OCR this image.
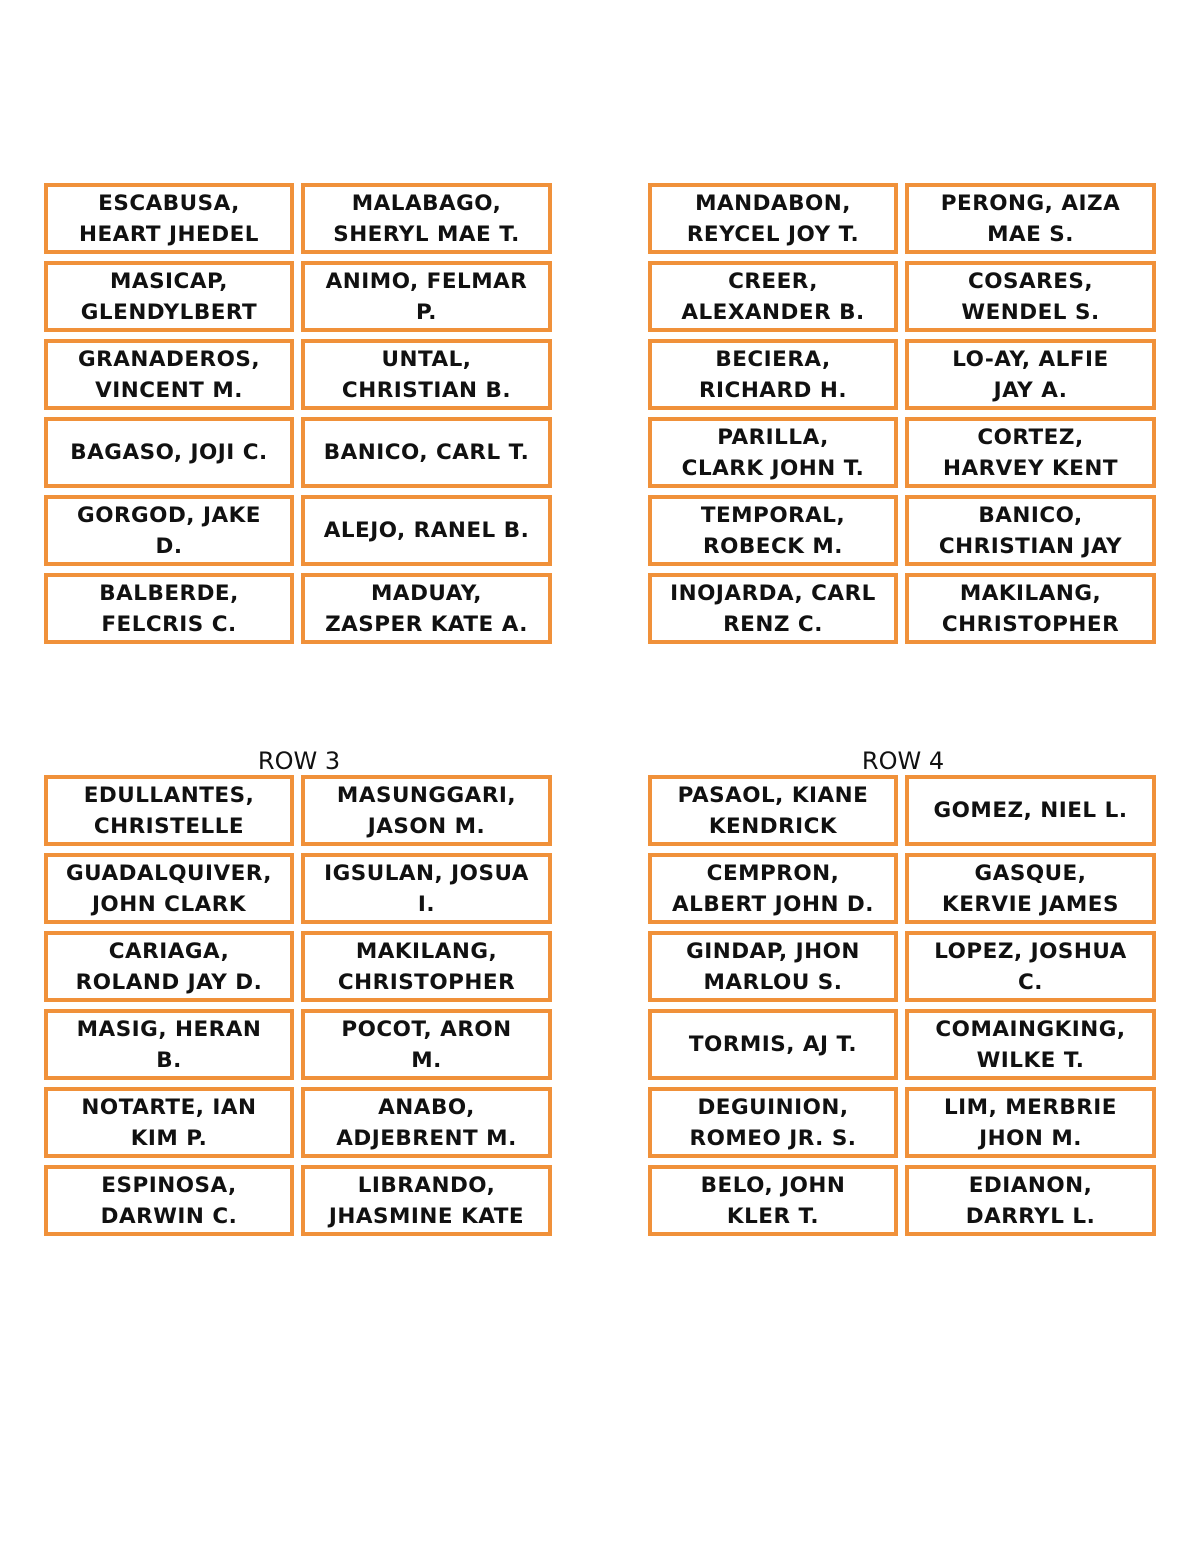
ESCABUSA,
HEART JHEDEL
MALABAGO,
SHERYL MAE T.
MASICAP,
GLENDYLBERT
ANIMO, FELMAR
P.
GRANADEROS,
VINCENT M.
UNTAL,
CHRISTIAN B.
BAGASO, JOJI C.	BANICO, CARL T.
GORGOD, JAKE
D.
ALEJO, RANEL B.
BALBERDE,
FELCRIS C.
MADUAY,
ZASPER KATE A.
MANDABON,
REYCEL JOY T.
PERONG, AIZA
MAE S.
CREER,
ALEXANDER B.
COSARES,
WENDEL S.
BECIERA,
RICHARD H.
LO-AY, ALFIE
JAY A.
PARILLA,
CLARK JOHN T.
CORTEZ,
HARVEY KENT
TEMPORAL,
ROBECK M.
BANICO,
CHRISTIAN JAY
INOJARDA, CARL
RENZ C.
MAKILANG,
CHRISTOPHER
ROW 3
EDULLANTES,
CHRISTELLE
MASUNGGARI,
JASON M.
GUADALQUIVER,
JOHN CLARK
IGSULAN, JOSUA
I.
CARIAGA,
ROLAND JAY D.
MAKILANG,
CHRISTOPHER
MASIG, HERAN
B.
POCOT, ARON
M.
NOTARTE, IAN
KIM P.
ANABO,
ADJEBRENT M.
ESPINOSA,
DARWIN C.
LIBRANDO,
JHASMINE KATE
ROW 4
PASAOL, KIANE
KENDRICK
GOMEZ, NIEL L.
CEMPRON,
ALBERT JOHN D.
GASQUE,
KERVIE JAMES
GINDAP, JHON
MARLOU S.
LOPEZ, JOSHUA
C.
TORMIS, AJ T.
COMAINGKING,
WILKE T.
DEGUINION,
ROMEO JR. S.
LIM, MERBRIE
JHON M.
BELO, JOHN
KLER T.
EDIANON,
DARRYL L.
